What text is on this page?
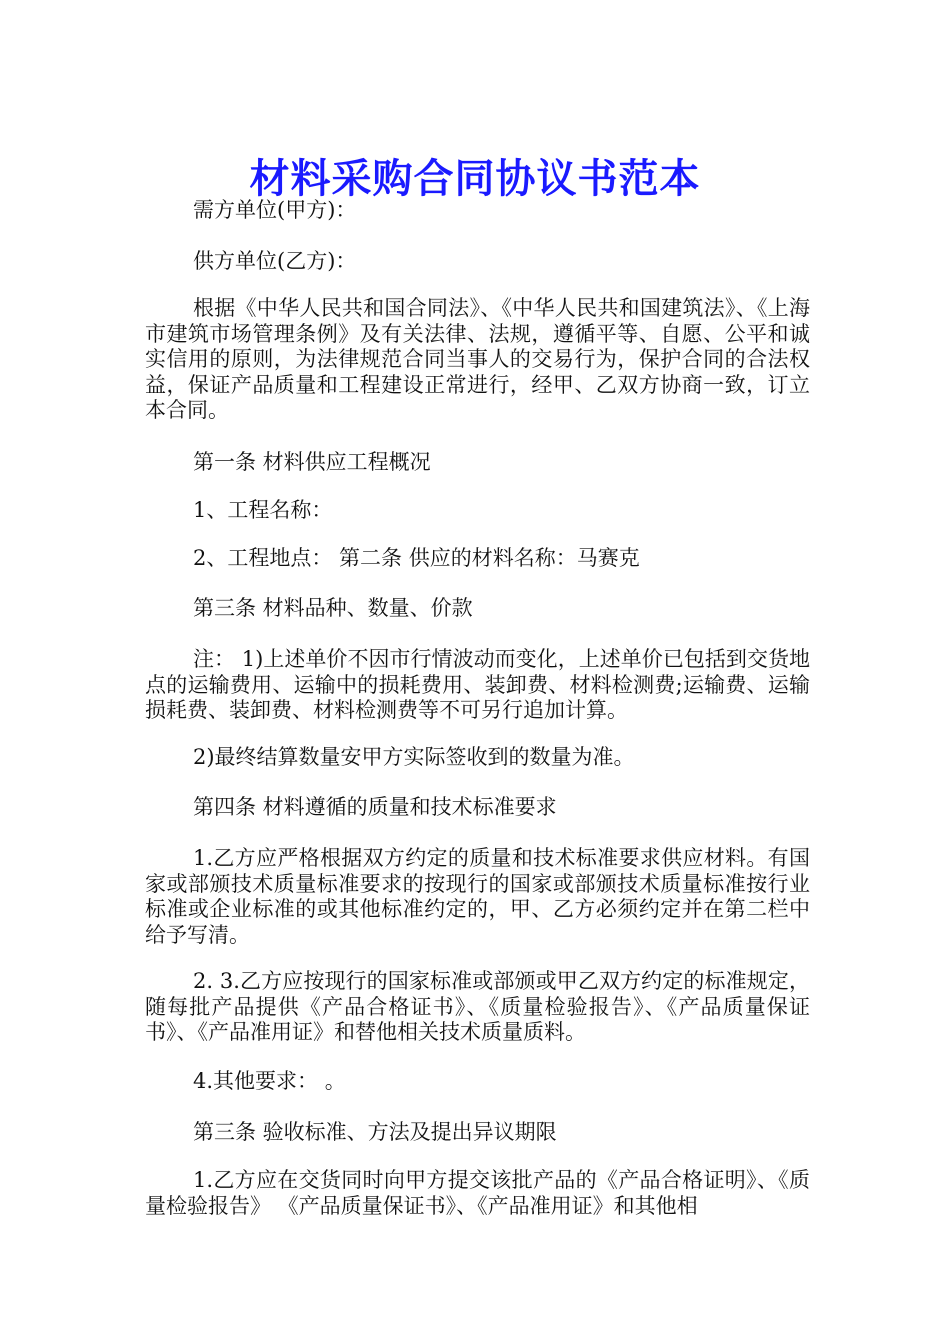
材料采购合同协议书范本

需方单位(甲方)：

供方单位(乙方)：

根据《中华人民共和国合同法》、《中华人民共和国建筑法》、《上海市建筑市场管理条例》及有关法律、法规，遵循平等、自愿、公平和诚实信用的原则，为法律规范合同当事人的交易行为，保护合同的合法权益，保证产品质量和工程建设正常进行，经甲、乙双方协商一致，订立本合同。

第一条 材料供应工程概况

1、工程名称：

2、工程地点： 第二条 供应的材料名称：马赛克

第三条 材料品种、数量、价款

注： 1)上述单价不因市行情波动而变化，上述单价已包括到交货地点的运输费用、运输中的损耗费用、装卸费、材料检测费;运输费、运输损耗费、装卸费、材料检测费等不可另行追加计算。

2)最终结算数量安甲方实际签收到的数量为准。

第四条 材料遵循的质量和技术标准要求

1.乙方应严格根据双方约定的质量和技术标准要求供应材料。有国家或部颁技术质量标准要求的按现行的国家或部颁技术质量标准按行业标准或企业标准的或其他标准约定的，甲、乙方必须约定并在第二栏中给予写清。

2. 3.乙方应按现行的国家标准或部颁或甲乙双方约定的标准规定，随每批产品提供《产品合格证书》、《质量检验报告》、《产品质量保证书》、《产品准用证》和替他相关技术质量质料。

4.其他要求： 。

第三条 验收标准、方法及提出异议期限

1.乙方应在交货同时向甲方提交该批产品的《产品合格证明》、《质量检验报告》 《产品质量保证书》、《产品准用证》和其他相
